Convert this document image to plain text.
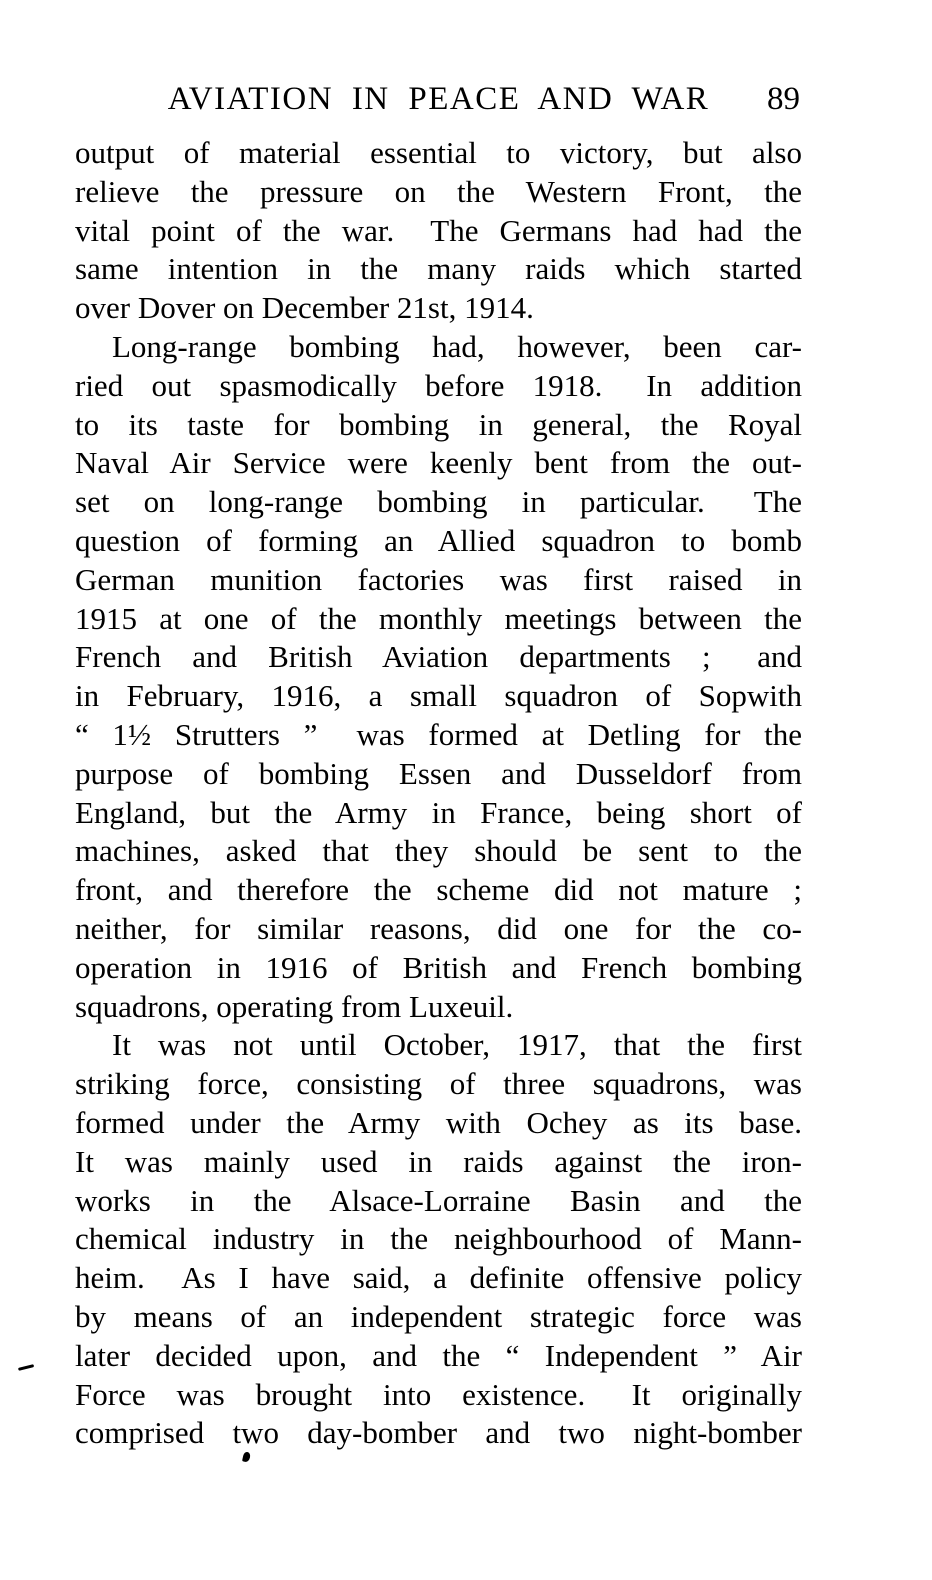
AVIATION IN PEACE AND WAR	89
output of material essential to victory, but also
relieve the pressure on the Western Front, the
vital point of the war.  The Germans had had the
same intention in the many raids which started
over Dover on December 21st, 1914.
Long-range bombing had, however, been car-
ried out spasmodically before 1918.  In addition
to its taste for bombing in general, the Royal
Naval Air Service were keenly bent from the out-
set on long-range bombing in particular.  The
question of forming an Allied squadron to bomb
German munition factories was first raised in
1915 at one of the monthly meetings between the
French and British Aviation departments ;  and
in February, 1916, a small squadron of Sopwith
“ 1½ Strutters ”  was formed at Detling for the
purpose of bombing Essen and Dusseldorf from
England, but the Army in France, being short of
machines, asked that they should be sent to the
front, and therefore the scheme did not mature ;
neither, for similar reasons, did one for the co-
operation in 1916 of British and French bombing
squadrons, operating from Luxeuil.
It was not until October, 1917, that the first
striking force, consisting of three squadrons, was
formed under the Army with Ochey as its base.
It was mainly used in raids against the iron-
works in the Alsace-Lorraine Basin and the
chemical industry in the neighbourhood of Mann-
heim.  As I have said, a definite offensive policy
by means of an independent strategic force was
later decided upon, and the “ Independent ” Air
Force was brought into existence.  It originally
comprised two day-bomber and two night-bomber
